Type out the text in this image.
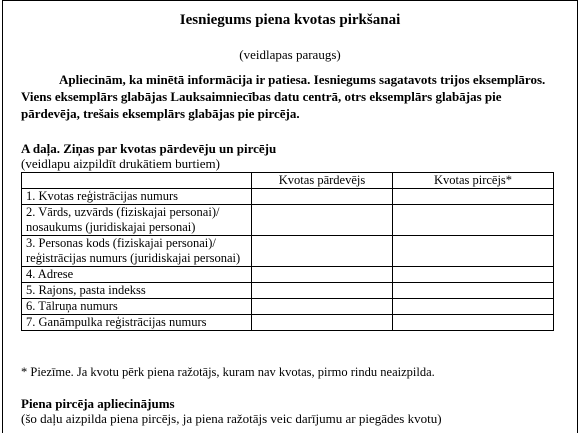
Iesniegums piena kvotas pirkšanai
(veidlapas paraugs)

Apliecinām, ka minētā informācija ir patiesa. Iesniegums sagatavots trijos eksemplāros. Viens eksemplārs glabājas Lauksaimniecības datu centrā, otrs eksemplārs glabājas pie pārdevēja, trešais eksemplārs glabājas pie pircēja.

A daļa. Ziņas par kvotas pārdevēju un pircēju
(veidlapu aizpildīt drukātiem burtiem)
	Kvotas pārdevējs	Kvotas pircējs*
1. Kvotas reģistrācijas numurs		
2. Vārds, uzvārds (fiziskajai personai)/ nosaukums (juridiskajai personai)		
3. Personas kods (fiziskajai personai)/ reģistrācijas numurs (juridiskajai personai)		
4. Adrese		
5. Rajons, pasta indekss		
6. Tālruņa numurs		
7. Ganāmpulka reģistrācijas numurs		
* Piezīme. Ja kvotu pērk piena ražotājs, kuram nav kvotas, pirmo rindu neaizpilda.
Piena pircēja apliecinājums
(šo daļu aizpilda piena pircējs, ja piena ražotājs veic darījumu ar piegādes kvotu)
